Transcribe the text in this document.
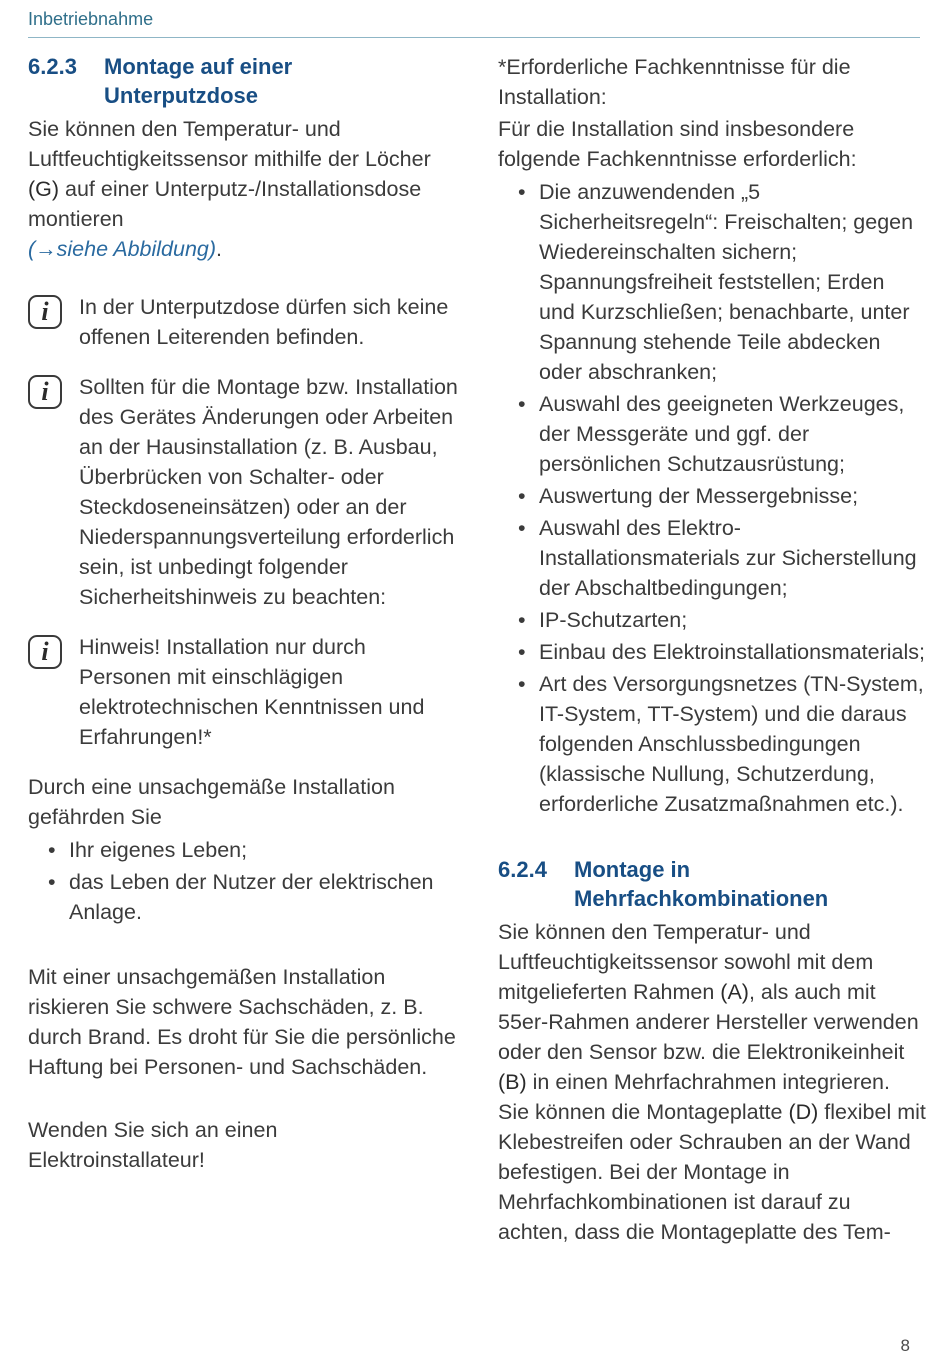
Inbetriebnahme
6.2.3	Montage auf einer
Unterputzdose

Sie können den Temperatur- und Luftfeuchtigkeitssensor mithilfe der Löcher (G) auf einer Unterputz-/Installationsdose montieren
(→siehe Abbildung).

i	In der Unterputzdose dürfen sich keine offenen Leiterenden befinden.
i	Sollten für die Montage bzw. Installation des Gerätes Änderungen oder Arbeiten an der Hausinstallation (z. B. Ausbau, Überbrücken von Schalter- oder Steckdoseneinsätzen) oder an der Niederspannungsverteilung erforderlich sein, ist unbedingt folgender Sicherheitshinweis zu beachten:
i	Hinweis! Installation nur durch Personen mit einschlägigen elektrotechnischen Kenntnissen und Erfahrungen!*

Durch eine unsachgemäße Installation gefährden Sie

• Ihr eigenes Leben;
• das Leben der Nutzer der elektrischen Anlage.

Mit einer unsachgemäßen Installation riskieren Sie schwere Sachschäden, z. B. durch Brand. Es droht für Sie die persönliche Haftung bei Personen- und Sachschäden.

Wenden Sie sich an einen Elektroinstallateur!

*Erforderliche Fachkenntnisse für die Installation:

Für die Installation sind insbesondere folgende Fachkenntnisse erforderlich:

• Die anzuwendenden „5 Sicherheitsregeln“: Freischalten; gegen Wiedereinschalten sichern; Spannungsfreiheit feststellen; Erden und Kurzschließen; benachbarte, unter Spannung stehende Teile abdecken oder abschranken;
• Auswahl des geeigneten Werkzeuges, der Messgeräte und ggf. der persönlichen Schutzausrüstung;
• Auswertung der Messergebnisse;
• Auswahl des Elektro-Installationsmaterials zur Sicherstellung der Abschaltbedingungen;
• IP-Schutzarten;
• Einbau des Elektroinstallationsmaterials;
• Art des Versorgungsnetzes (TN-System, IT-System, TT-System) und die daraus folgenden Anschlussbedingungen (klassische Nullung, Schutzerdung, erforderliche Zusatzmaßnahmen etc.).
6.2.4	Montage in
Mehrfachkombinationen

Sie können den Temperatur- und Luftfeuchtigkeitssensor sowohl mit dem mitgelieferten Rahmen (A), als auch mit 55er-Rahmen anderer Hersteller verwenden oder den Sensor bzw. die Elektronikeinheit (B) in einen Mehrfachrahmen integrieren. Sie können die Montageplatte (D) flexibel mit Klebestreifen oder Schrauben an der Wand befestigen. Bei der Montage in Mehrfachkombinationen ist darauf zu achten, dass die Montageplatte des Tem-

8
